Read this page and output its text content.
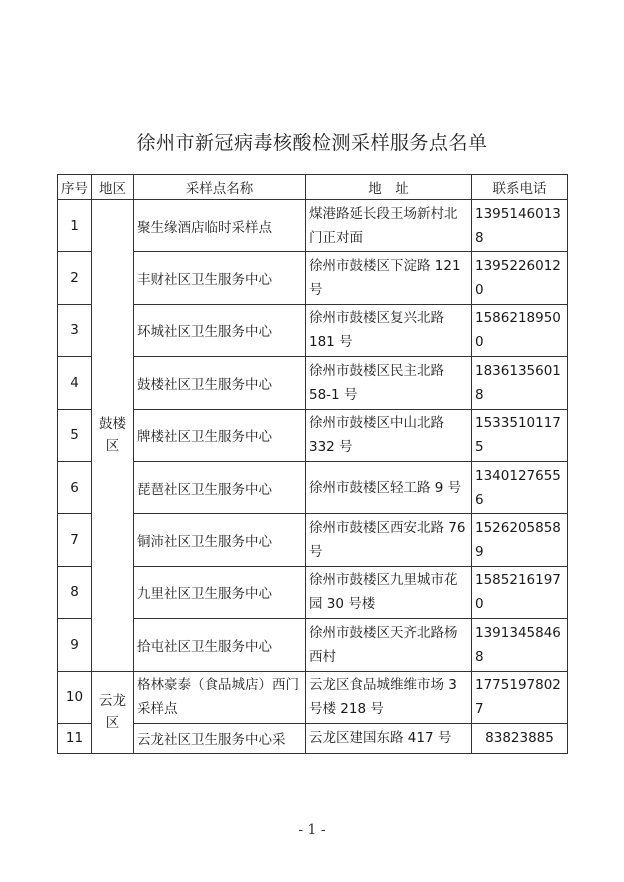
徐州市新冠病毒核酸检测采样服务点名单
序号	地区	采样点名称	地　址	联系电话
1	鼓楼区	聚生缘酒店临时采样点	煤港路延长段王场新村北门正对面	13951460138
2		丰财社区卫生服务中心	徐州市鼓楼区下淀路 121号	13952260120
3		环城社区卫生服务中心	徐州市鼓楼区复兴北路 181 号	15862189500
4		鼓楼社区卫生服务中心	徐州市鼓楼区民主北路 58-1 号	18361356018
5		牌楼社区卫生服务中心	徐州市鼓楼区中山北路 332 号	15335101175
6		琵琶社区卫生服务中心	徐州市鼓楼区轻工路 9 号	13401276556
7		铜沛社区卫生服务中心	徐州市鼓楼区西安北路 76 号	15262058589
8		九里社区卫生服务中心	徐州市鼓楼区九里城市花园 30 号楼	15852161970
9		拾屯社区卫生服务中心	徐州市鼓楼区天齐北路杨西村	13913458468
10	云龙区	格林豪泰（食品城店）西门采样点	云龙区食品城维维市场 3号楼 218 号	17751978027
11		云龙社区卫生服务中心采	云龙区建国东路 417 号	83823885
- 1 -
